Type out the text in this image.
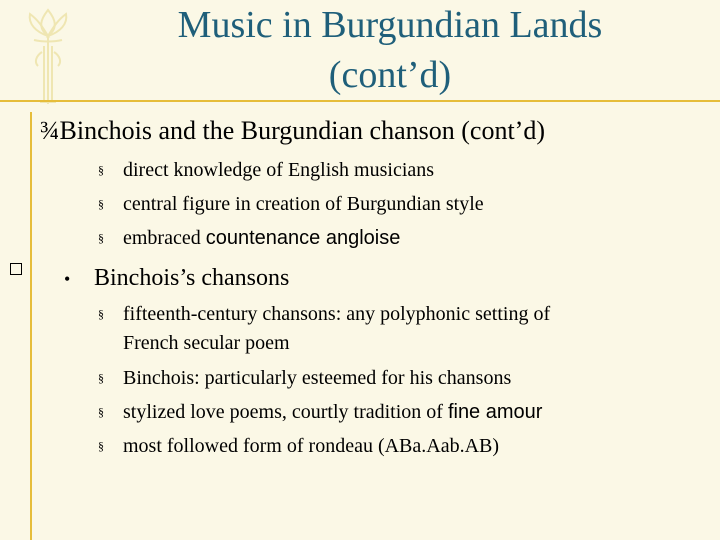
Music in Burgundian Lands
(cont’d)
¾Binchois and the Burgundian chanson (cont’d)
§ direct knowledge of English musicians
§ central figure in creation of Burgundian style
§ embraced countenance angloise
• Binchois’s chansons
§ fifteenth-century chansons: any polyphonic setting of
French secular poem
§ Binchois: particularly esteemed for his chansons
§ stylized love poems, courtly tradition of fine amour
§ most followed form of rondeau (ABa.Aab.AB)
